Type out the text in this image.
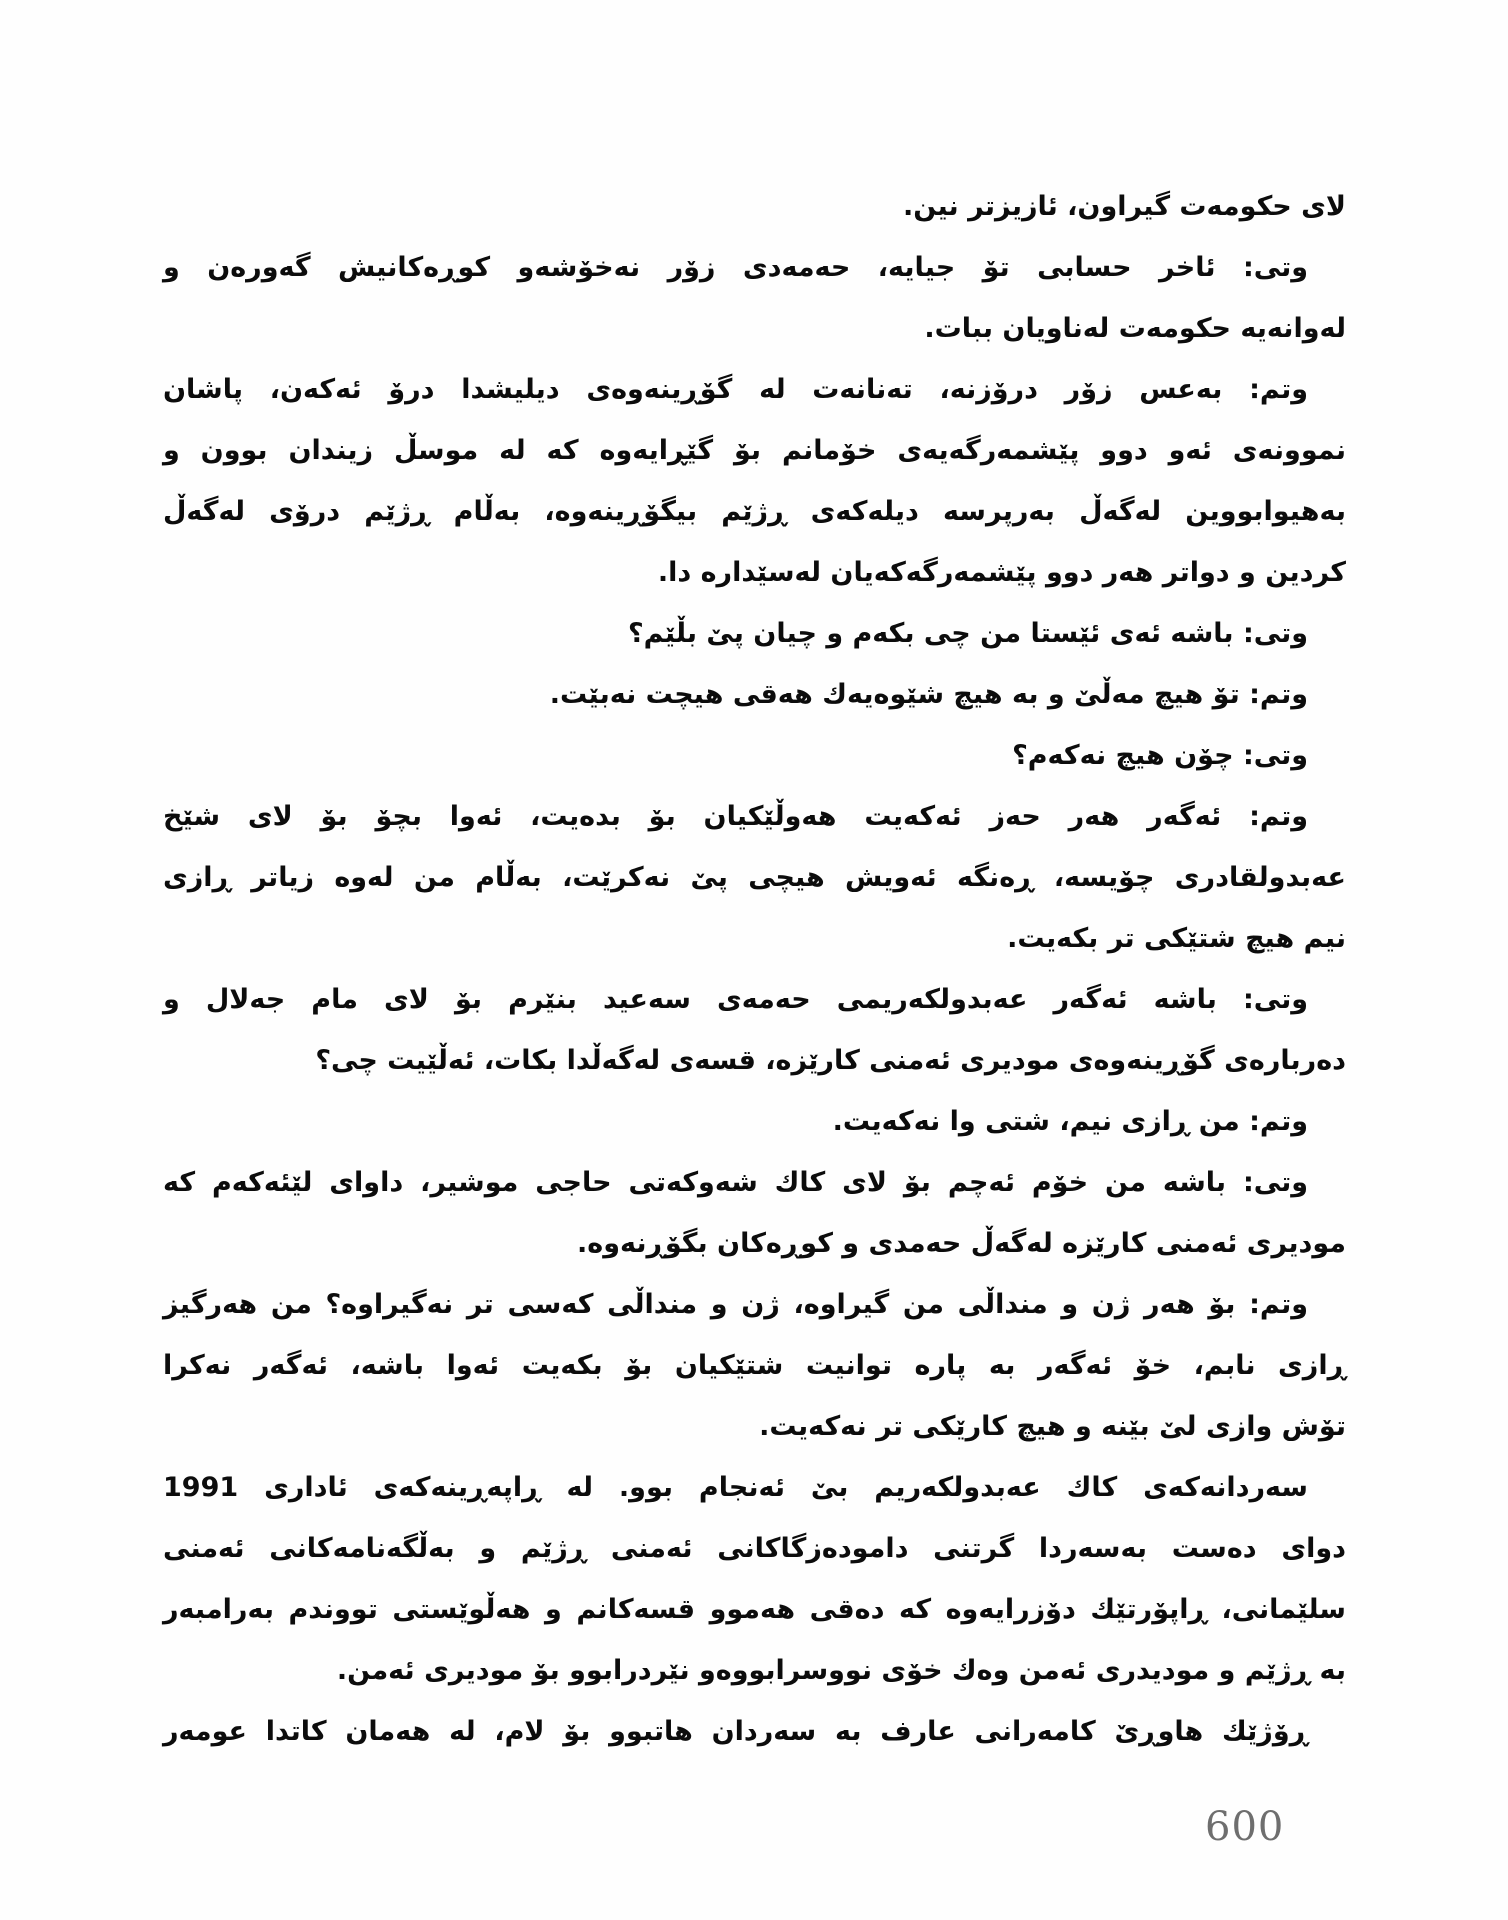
لای حکومەت گیراون، ئازیزتر نین.
وتی: ئاخر حسابی تۆ جیایە، حەمەدی زۆر نەخۆشەو کوڕەکانیش گەورەن و
لەوانەیە حکومەت لەناویان ببات.
وتم: بەعس زۆر درۆزنە، تەنانەت لە گۆڕینەوەی دیلیشدا درۆ ئەکەن، پاشان
نموونەی ئەو دوو پێشمەرگەیەی خۆمانم بۆ گێڕایەوە کە لە موسڵ زیندان بوون و
بەهیوابووین لەگەڵ بەرپرسە دیلەکەی ڕژێم بیگۆڕینەوە، بەڵام ڕژێم درۆی لەگەڵ
کردین و دواتر هەر دوو پێشمەرگەکەیان لەسێدارە دا.
وتی: باشە ئەی ئێستا من چی بکەم و چیان پێ بڵێم؟
وتم: تۆ هیچ مەڵێ و بە هیچ شێوەیەك هەقی هیچت نەبێت.
وتی: چۆن هیچ نەکەم؟
وتم: ئەگەر هەر حەز ئەکەیت هەوڵێکیان بۆ بدەیت، ئەوا بچۆ بۆ لای شێخ
عەبدولقادری چۆیسە، ڕەنگە ئەویش هیچی پێ نەکرێت، بەڵام من لەوە زیاتر ڕازی
نیم هیچ شتێکی تر بکەیت.
وتی: باشە ئەگەر عەبدولکەریمی حەمەی سەعید بنێرم بۆ لای مام جەلال و
دەربارەی گۆڕینەوەی مودیری ئەمنی کارێزە، قسەی لەگەڵدا بکات، ئەڵێیت چی؟
وتم: من ڕازی نیم، شتی وا نەکەیت.
وتی: باشە من خۆم ئەچم بۆ لای کاك شەوکەتی حاجی موشیر، داوای لێئەکەم کە
مودیری ئەمنی کارێزە لەگەڵ حەمدی و کوڕەکان بگۆڕنەوە.
وتم: بۆ هەر ژن و منداڵی من گیراوە، ژن و منداڵی کەسی تر نەگیراوە؟ من هەرگیز
ڕازی نابم، خۆ ئەگەر بە پارە توانیت شتێکیان بۆ بکەیت ئەوا باشە، ئەگەر نەکرا
تۆش وازی لێ بێنە و هیچ کارێکی تر نەکەیت.
سەردانەکەی کاك عەبدولکەریم بێ ئەنجام بوو. لە ڕاپەڕینەکەی ئاداری 1991
دوای دەست بەسەردا گرتنی دامودەزگاکانی ئەمنی ڕژێم و بەڵگەنامەکانی ئەمنی
سلێمانی، ڕاپۆرتێك دۆزرایەوە کە دەقی هەموو قسەکانم و هەڵوێستی تووندم بەرامبەر
بە ڕژێم و مودیدری ئەمن وەك خۆی نووسرابووەو نێردرابوو بۆ مودیری ئەمن.
ڕۆژێك هاوڕێ کامەرانی عارف بە سەردان هاتبوو بۆ لام، لە هەمان کاتدا عومەر
600
